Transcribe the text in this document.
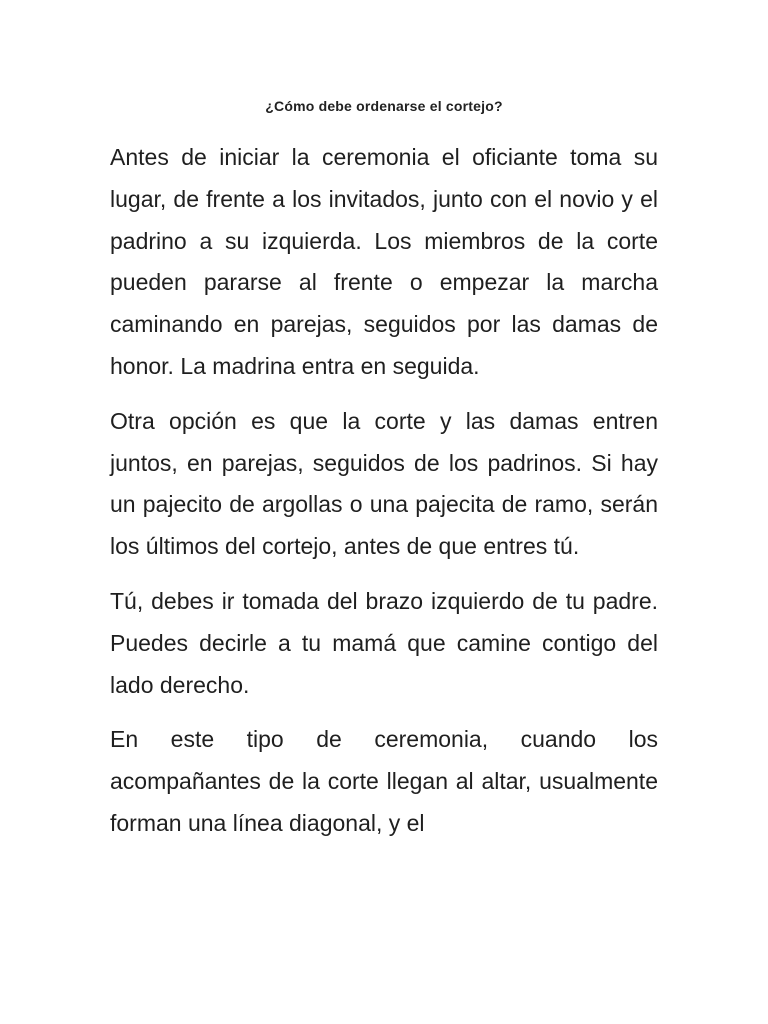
¿Cómo debe ordenarse el cortejo?

Antes de iniciar la ceremonia el oficiante toma su lugar, de frente a los invitados, junto con el novio y el padrino a su izquierda. Los miembros de la corte pueden pararse al frente o empezar la marcha caminando en parejas, seguidos por las damas de honor. La madrina entra en seguida.

Otra opción es que la corte y las damas entren juntos, en parejas, seguidos de los padrinos. Si hay un pajecito de argollas o una pajecita de ramo, serán los últimos del cortejo, antes de que entres tú.

Tú, debes ir tomada del brazo izquierdo de tu padre. Puedes decirle a tu mamá que camine contigo del lado derecho.

En este tipo de ceremonia, cuando los acompañantes de la corte llegan al altar, usualmente forman una línea diagonal, y el
